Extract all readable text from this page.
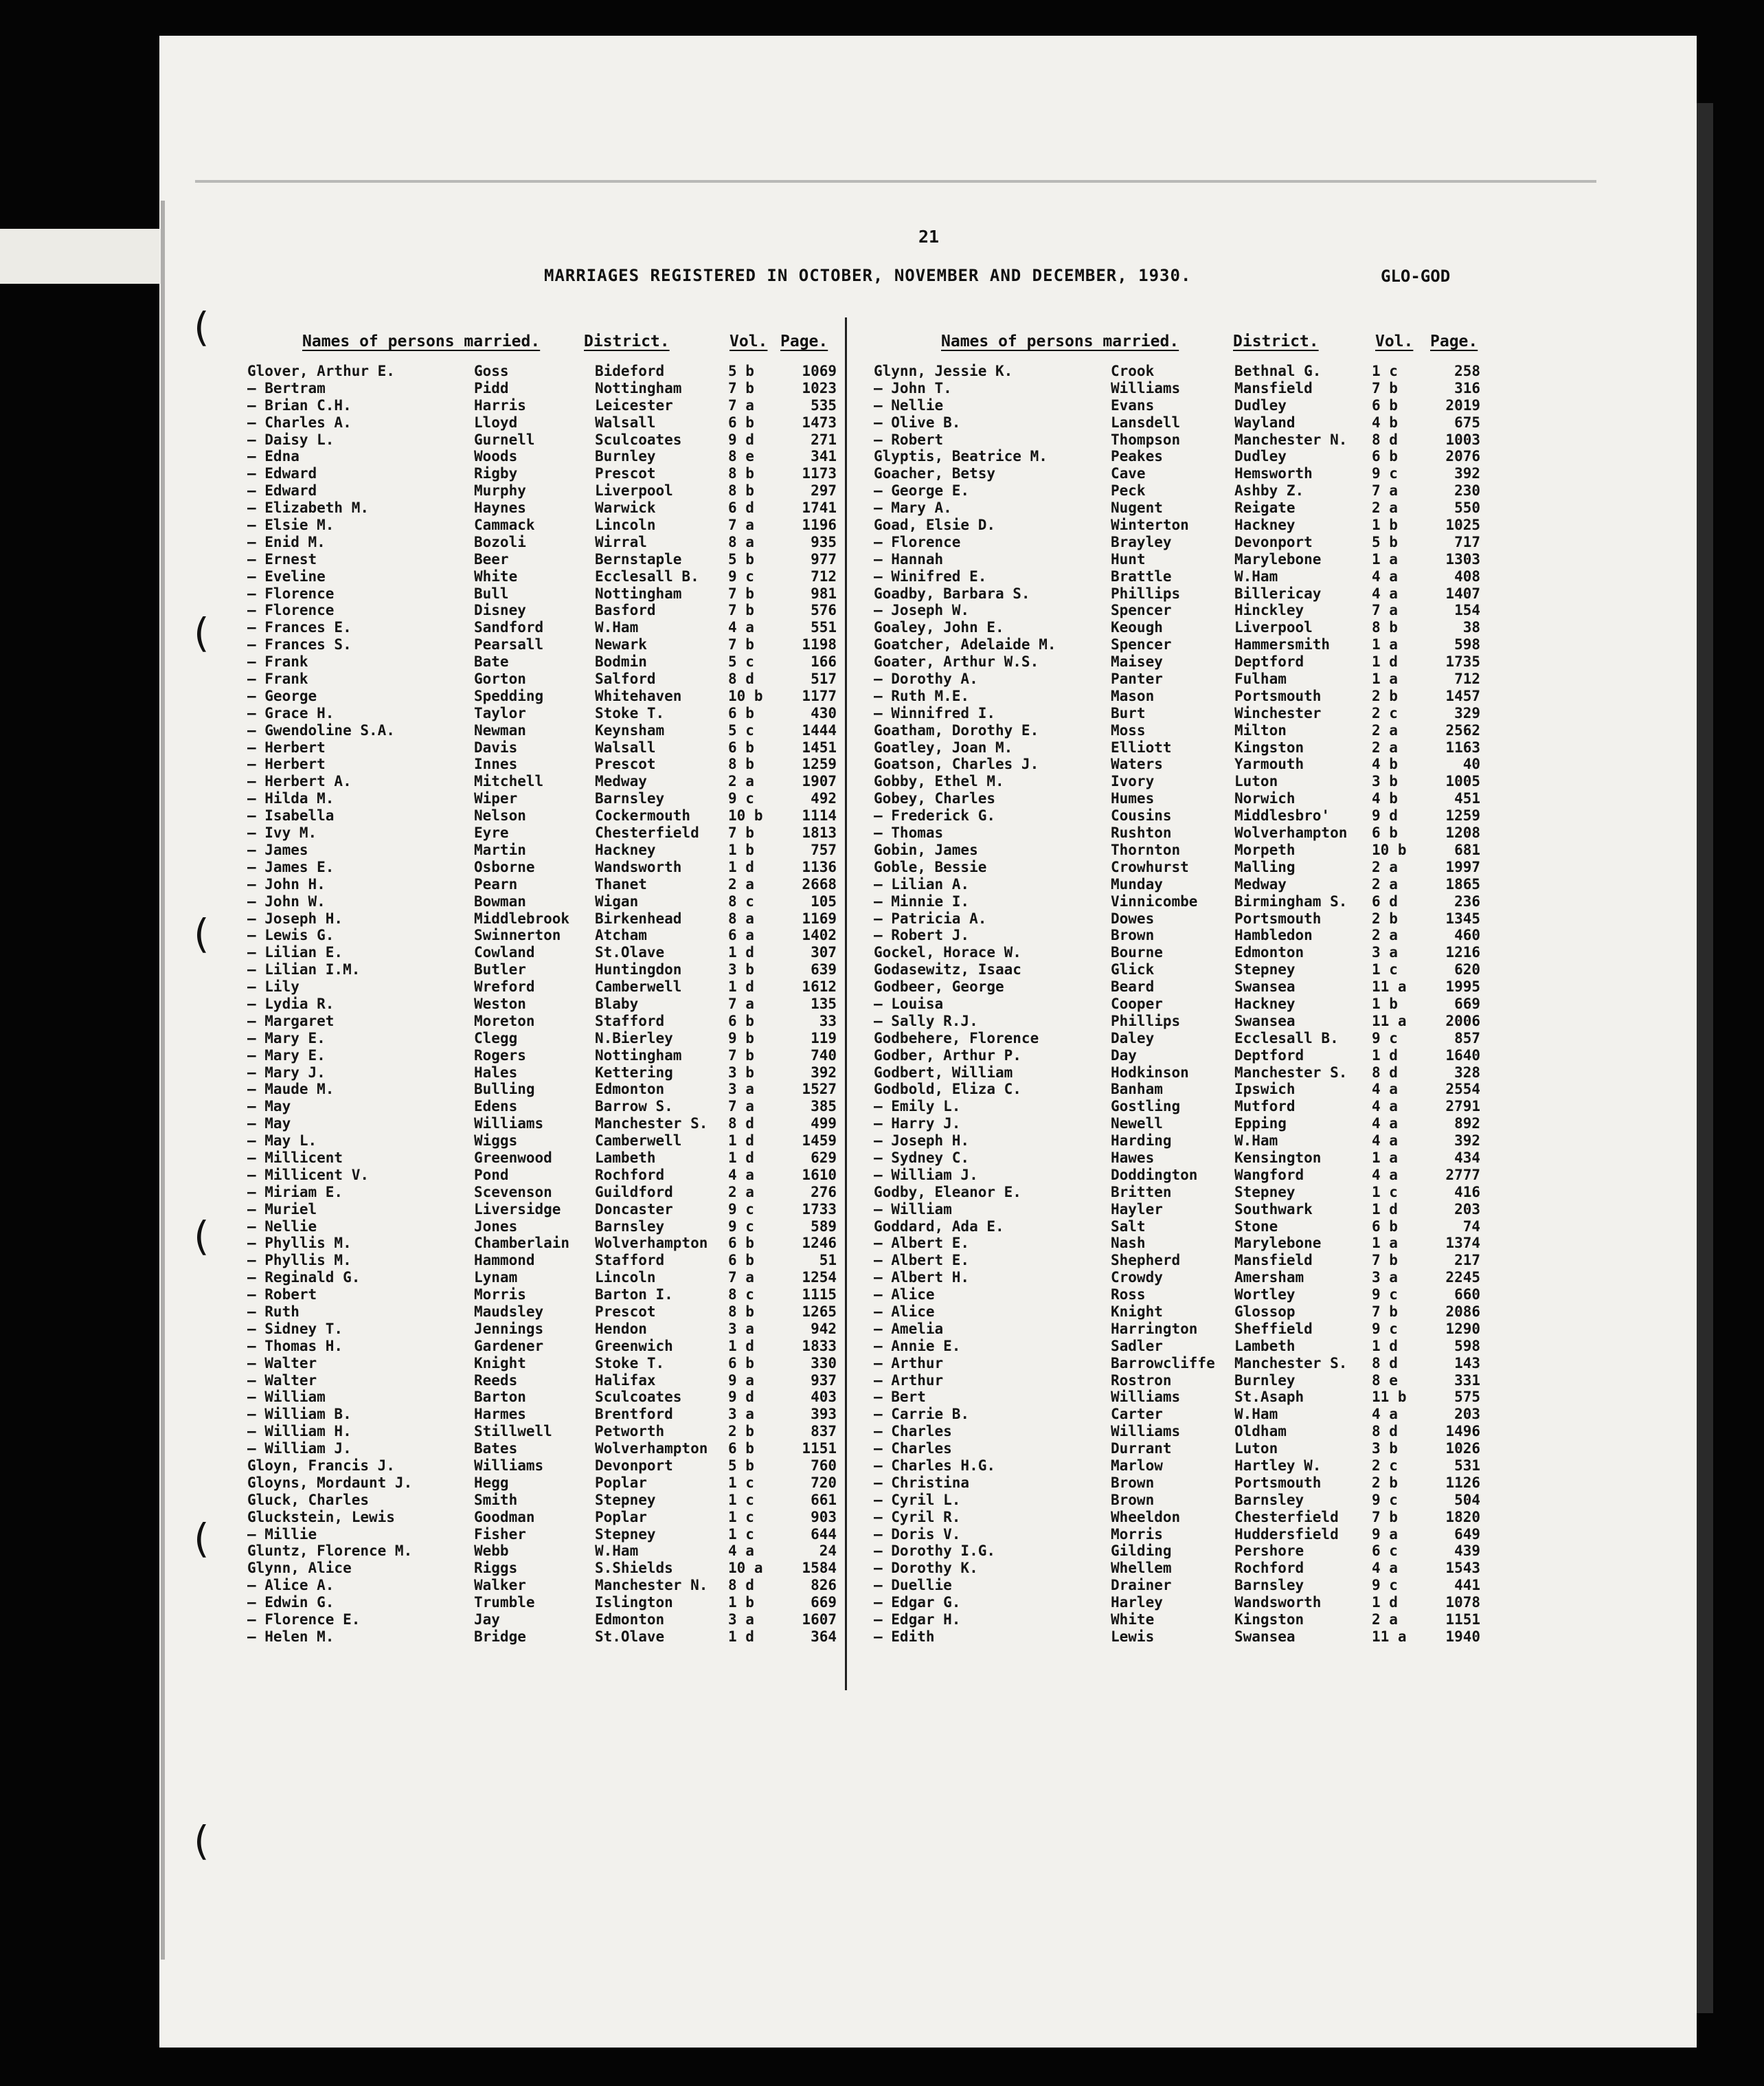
(
(
(
(
(
(
21
MARRIAGES REGISTERED IN OCTOBER, NOVEMBER AND DECEMBER, 1930.	GLO-GOD
Names of persons married.	District.	Vol. Page.
Glover, Arthur E.	Goss	Bideford	5 b	1069
— Bertram	Pidd	Nottingham	7 b	1023
— Brian C.H.	Harris	Leicester	7 a	535
— Charles A.	Lloyd	Walsall	6 b	1473
— Daisy L.	Gurnell	Sculcoates	9 d	271
— Edna	Woods	Burnley	8 e	341
— Edward	Rigby	Prescot	8 b	1173
— Edward	Murphy	Liverpool	8 b	297
— Elizabeth M.	Haynes	Warwick	6 d	1741
— Elsie M.	Cammack	Lincoln	7 a	1196
— Enid M.	Bozoli	Wirral	8 a	935
— Ernest	Beer	Bernstaple	5 b	977
— Eveline	White	Ecclesall B. 9 c	712
— Florence	Bull	Nottingham	7 b	981
— Florence	Disney	Basford	7 b	576
— Frances E.	Sandford	W.Ham	4 a	551
— Frances S.	Pearsall	Newark	7 b	1198
— Frank	Bate	Bodmin	5 c	166
— Frank	Gorton	Salford	8 d	517
— George	Spedding	Whitehaven	10 b	1177
— Grace H.	Taylor	Stoke T.	6 b	430
— Gwendoline S.A.	Newman	Keynsham	5 c	1444
— Herbert	Davis	Walsall	6 b	1451
— Herbert	Innes	Prescot	8 b	1259
— Herbert A.	Mitchell	Medway	2 a	1907
— Hilda M.	Wiper	Barnsley	9 c	492
— Isabella	Nelson	Cockermouth	10 b	1114
— Ivy M.	Eyre	Chesterfield 7 b	1813
— James	Martin	Hackney	1 b	757
— James E.	Osborne	Wandsworth	1 d	1136
— John H.	Pearn	Thanet	2 a	2668
— John W.	Bowman	Wigan	8 c	105
— Joseph H.	Middlebrook Birkenhead	8 a	1169
— Lewis G.	Swinnerton Atcham	6 a	1402
— Lilian E.	Cowland	St.Olave	1 d	307
— Lilian I.M.	Butler	Huntingdon	3 b	639
— Lily	Wreford	Camberwell	1 d	1612
— Lydia R.	Weston	Blaby	7 a	135
— Margaret	Moreton	Stafford	6 b	33
— Mary E.	Clegg	N.Bierley	9 b	119
— Mary E.	Rogers	Nottingham	7 b	740
— Mary J.	Hales	Kettering	3 b	392
— Maude M.	Bulling	Edmonton	3 a	1527
— May	Edens	Barrow S.	7 a	385
— May	Williams	Manchester S. 8 d	499
— May L.	Wiggs	Camberwell	1 d	1459
— Millicent	Greenwood	Lambeth	1 d	629
— Millicent V.	Pond	Rochford	4 a	1610
— Miriam E.	Scevenson	Guildford	2 a	276
— Muriel	Liversidge Doncaster	9 c	1733
— Nellie	Jones	Barnsley	9 c	589
— Phyllis M.	Chamberlain Wolverhampton 6 b	1246
— Phyllis M.	Hammond	Stafford	6 b	51
— Reginald G.	Lynam	Lincoln	7 a	1254
— Robert	Morris	Barton I.	8 c	1115
— Ruth	Maudsley	Prescot	8 b	1265
— Sidney T.	Jennings	Hendon	3 a	942
— Thomas H.	Gardener	Greenwich	1 d	1833
— Walter	Knight	Stoke T.	6 b	330
— Walter	Reeds	Halifax	9 a	937
— William	Barton	Sculcoates	9 d	403
— William B.	Harmes	Brentford	3 a	393
— William H.	Stillwell	Petworth	2 b	837
— William J.	Bates	Wolverhampton 6 b	1151
Gloyn, Francis J.	Williams	Devonport	5 b	760
Gloyns, Mordaunt J.	Hegg	Poplar	1 c	720
Gluck, Charles	Smith	Stepney	1 c	661
Gluckstein, Lewis	Goodman	Poplar	1 c	903
— Millie	Fisher	Stepney	1 c	644
Gluntz, Florence M.	Webb	W.Ham	4 a	24
Glynn, Alice	Riggs	S.Shields	10 a	1584
— Alice A.	Walker	Manchester N. 8 d	826
— Edwin G.	Trumble	Islington	1 b	669
— Florence E.	Jay	Edmonton	3 a	1607
— Helen M.	Bridge	St.Olave	1 d	364
Names of persons married.	District.	Vol. Page.
Glynn, Jessie K.	Crook	Bethnal G.	1 c	258
— John T.	Williams	Mansfield	7 b	316
— Nellie	Evans	Dudley	6 b	2019
— Olive B.	Lansdell	Wayland	4 b	675
— Robert	Thompson	Manchester N. 8 d	1003
Glyptis, Beatrice M.	Peakes	Dudley	6 b	2076
Goacher, Betsy	Cave	Hemsworth	9 c	392
— George E.	Peck	Ashby Z.	7 a	230
— Mary A.	Nugent	Reigate	2 a	550
Goad, Elsie D.	Winterton	Hackney	1 b	1025
— Florence	Brayley	Devonport	5 b	717
— Hannah	Hunt	Marylebone	1 a	1303
— Winifred E.	Brattle	W.Ham	4 a	408
Goadby, Barbara S.	Phillips	Billericay	4 a	1407
— Joseph W.	Spencer	Hinckley	7 a	154
Goaley, John E.	Keough	Liverpool	8 b	38
Goatcher, Adelaide M.	Spencer	Hammersmith	1 a	598
Goater, Arthur W.S.	Maisey	Deptford	1 d	1735
— Dorothy A.	Panter	Fulham	1 a	712
— Ruth M.E.	Mason	Portsmouth	2 b	1457
— Winnifred I.	Burt	Winchester	2 c	329
Goatham, Dorothy E.	Moss	Milton	2 a	2562
Goatley, Joan M.	Elliott	Kingston	2 a	1163
Goatson, Charles J.	Waters	Yarmouth	4 b	40
Gobby, Ethel M.	Ivory	Luton	3 b	1005
Gobey, Charles	Humes	Norwich	4 b	451
— Frederick G.	Cousins	Middlesbro'	9 d	1259
— Thomas	Rushton	Wolverhampton 6 b	1208
Gobin, James	Thornton	Morpeth	10 b	681
Goble, Bessie	Crowhurst	Malling	2 a	1997
— Lilian A.	Munday	Medway	2 a	1865
— Minnie I.	Vinnicombe	Birmingham S. 6 d	236
— Patricia A.	Dowes	Portsmouth	2 b	1345
— Robert J.	Brown	Hambledon	2 a	460
Gockel, Horace W.	Bourne	Edmonton	3 a	1216
Godasewitz, Isaac	Glick	Stepney	1 c	620
Godbeer, George	Beard	Swansea	11 a	1995
— Louisa	Cooper	Hackney	1 b	669
— Sally R.J.	Phillips	Swansea	11 a	2006
Godbehere, Florence	Daley	Ecclesall B. 9 c	857
Godber, Arthur P.	Day	Deptford	1 d	1640
Godbert, William	Hodkinson	Manchester S. 8 d	328
Godbold, Eliza C.	Banham	Ipswich	4 a	2554
— Emily L.	Gostling	Mutford	4 a	2791
— Harry J.	Newell	Epping	4 a	892
— Joseph H.	Harding	W.Ham	4 a	392
— Sydney C.	Hawes	Kensington	1 a	434
— William J.	Doddington	Wangford	4 a	2777
Godby, Eleanor E.	Britten	Stepney	1 c	416
— William	Hayler	Southwark	1 d	203
Goddard, Ada E.	Salt	Stone	6 b	74
— Albert E.	Nash	Marylebone	1 a	1374
— Albert E.	Shepherd	Mansfield	7 b	217
— Albert H.	Crowdy	Amersham	3 a	2245
— Alice	Ross	Wortley	9 c	660
— Alice	Knight	Glossop	7 b	2086
— Amelia	Harrington	Sheffield	9 c	1290
— Annie E.	Sadler	Lambeth	1 d	598
— Arthur	Barrowcliffe Manchester S. 8 d	143
— Arthur	Rostron	Burnley	8 e	331
— Bert	Williams	St.Asaph	11 b	575
— Carrie B.	Carter	W.Ham	4 a	203
— Charles	Williams	Oldham	8 d	1496
— Charles	Durrant	Luton	3 b	1026
— Charles H.G.	Marlow	Hartley W.	2 c	531
— Christina	Brown	Portsmouth	2 b	1126
— Cyril L.	Brown	Barnsley	9 c	504
— Cyril R.	Wheeldon	Chesterfield 7 b	1820
— Doris V.	Morris	Huddersfield 9 a	649
— Dorothy I.G.	Gilding	Pershore	6 c	439
— Dorothy K.	Whellem	Rochford	4 a	1543
— Duellie	Drainer	Barnsley	9 c	441
— Edgar G.	Harley	Wandsworth	1 d	1078
— Edgar H.	White	Kingston	2 a	1151
— Edith	Lewis	Swansea	11 a	1940
